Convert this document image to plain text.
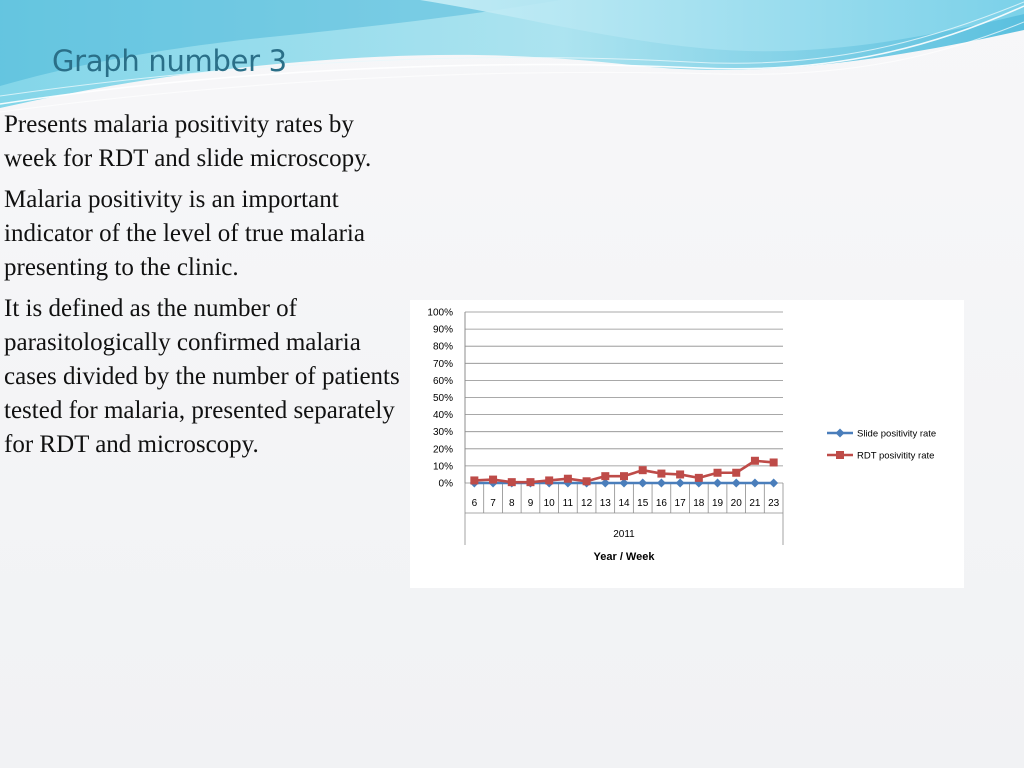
Graph number 3

Presents malaria positivity rates by week for RDT and slide microscopy.

Malaria positivity is an important indicator of the level of true malaria presenting to the clinic.

It is defined as the number of parasitologically confirmed malaria cases divided by the number of patients tested for malaria, presented separately for RDT and microscopy.

0%
10%
20%
30%
40%
50%
60%
70%
80%
90%
100%
6 7 8 9 10 11 12 13 14 15 16 17 18 19 20 21 23
2011
Year / Week
Slide positivity rate
RDT posivitity rate
